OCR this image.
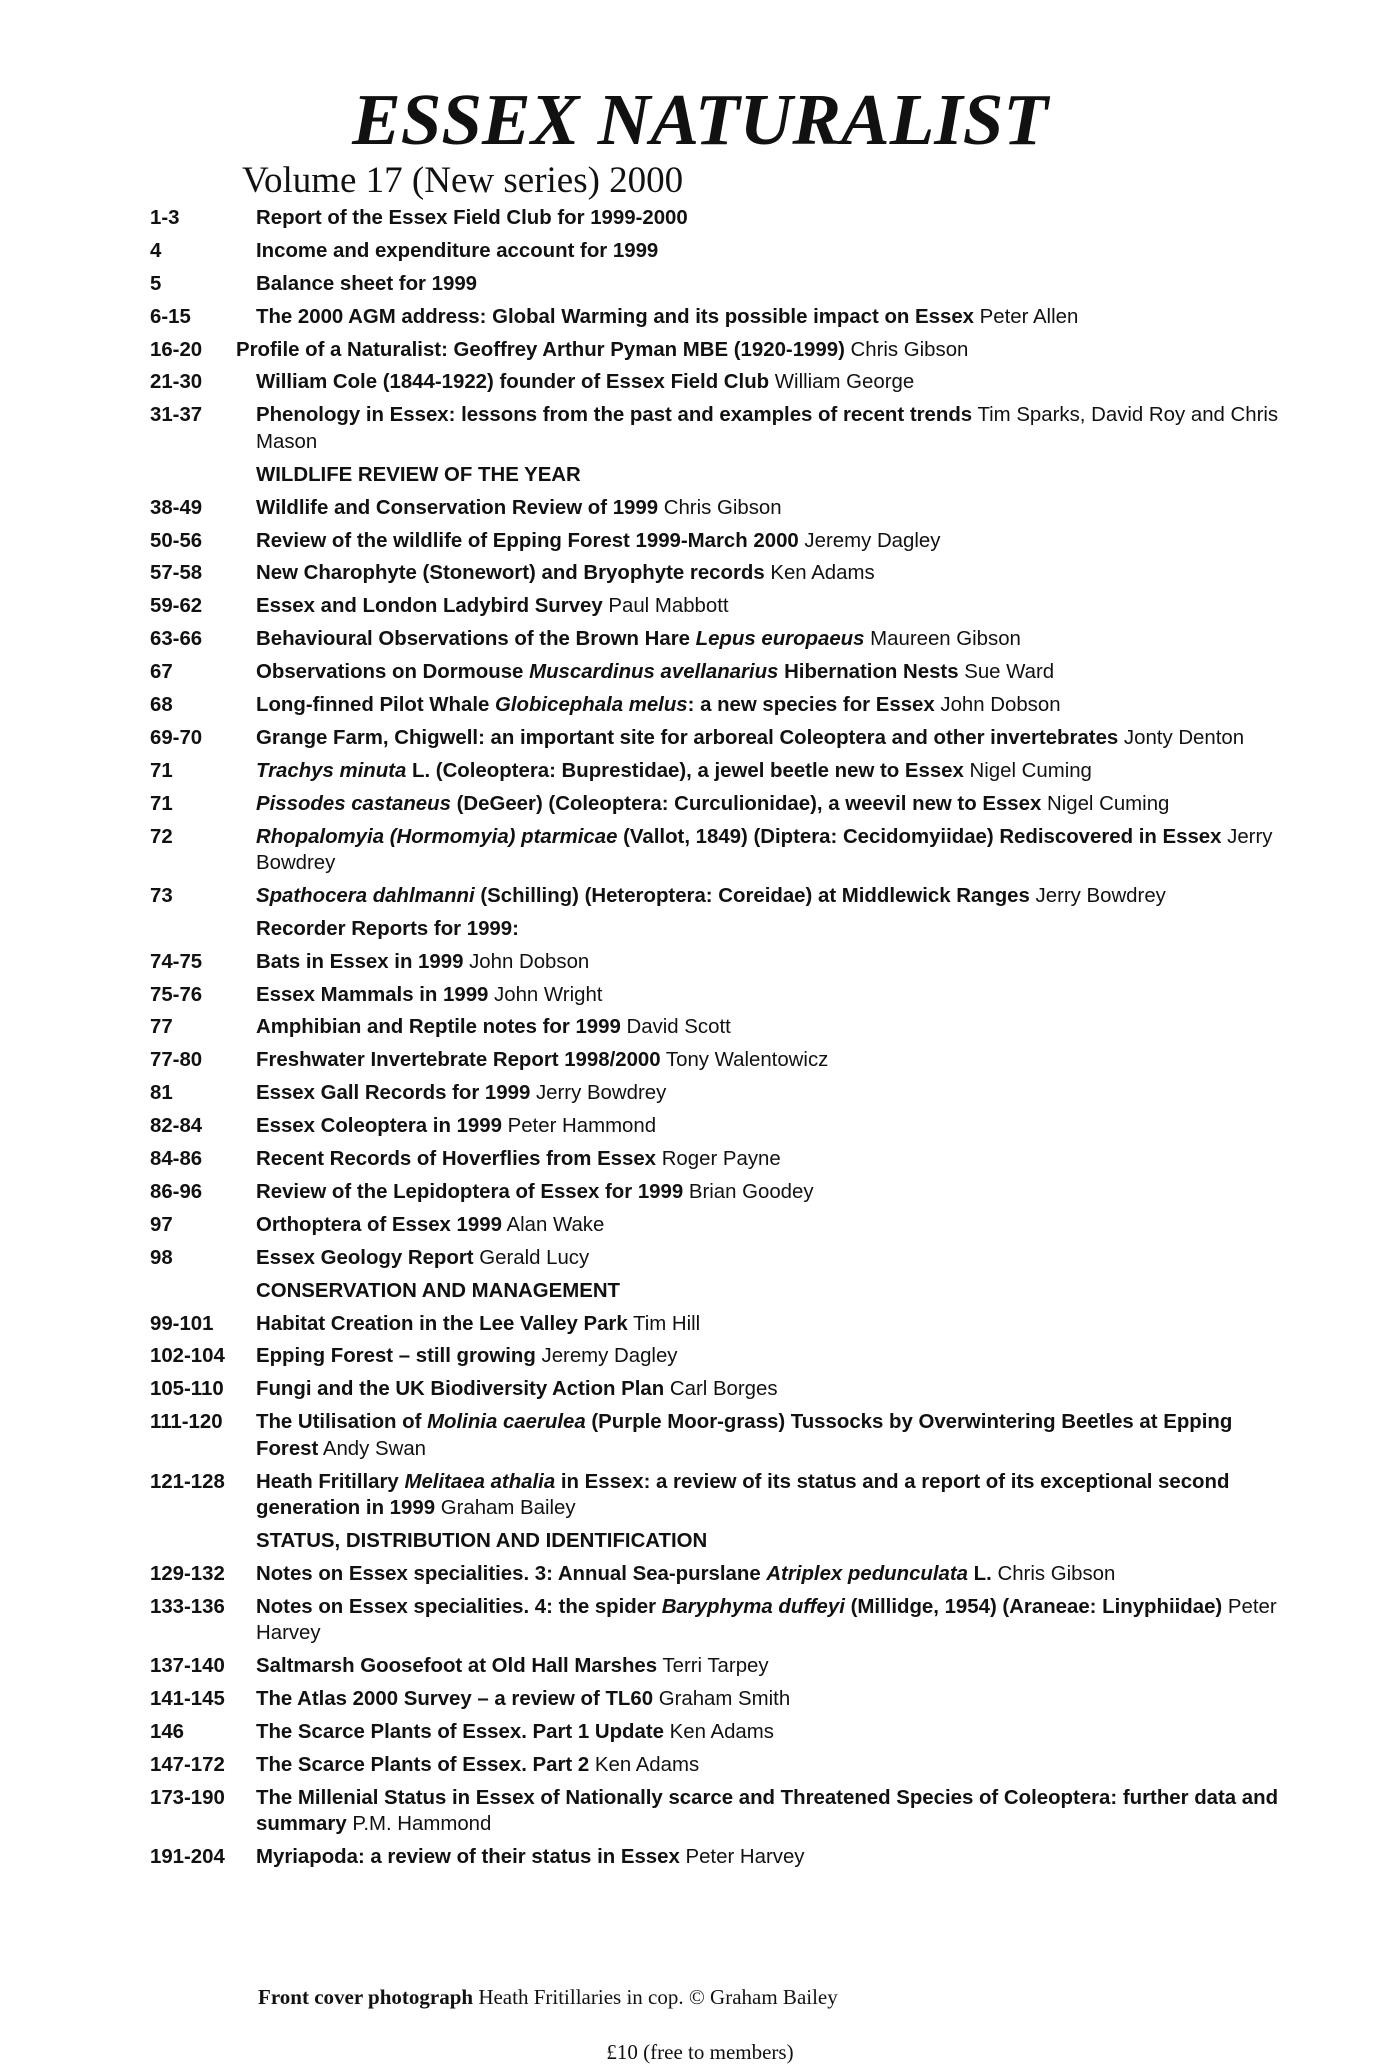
ESSEX NATURALIST
Volume 17 (New series) 2000
1-3	Report of the Essex Field Club for 1999-2000
4	Income and expenditure account for 1999
5	Balance sheet for 1999
6-15	The 2000 AGM address: Global Warming and its possible impact on Essex Peter Allen
16-20	Profile of a Naturalist: Geoffrey Arthur Pyman MBE (1920-1999) Chris Gibson
21-30	William Cole (1844-1922) founder of Essex Field Club William George
31-37	Phenology in Essex: lessons from the past and examples of recent trends Tim Sparks, David Roy and Chris Mason
WILDLIFE REVIEW OF THE YEAR
38-49	Wildlife and Conservation Review of 1999 Chris Gibson
50-56	Review of the wildlife of Epping Forest 1999-March 2000 Jeremy Dagley
57-58	New Charophyte (Stonewort) and Bryophyte records Ken Adams
59-62	Essex and London Ladybird Survey Paul Mabbott
63-66	Behavioural Observations of the Brown Hare Lepus europaeus Maureen Gibson
67	Observations on Dormouse Muscardinus avellanarius Hibernation Nests Sue Ward
68	Long-finned Pilot Whale Globicephala melus: a new species for Essex John Dobson
69-70	Grange Farm, Chigwell: an important site for arboreal Coleoptera and other invertebrates Jonty Denton
71	Trachys minuta L. (Coleoptera: Buprestidae), a jewel beetle new to Essex Nigel Cuming
71	Pissodes castaneus (DeGeer) (Coleoptera: Curculionidae), a weevil new to Essex Nigel Cuming
72	Rhopalomyia (Hormomyia) ptarmicae (Vallot, 1849) (Diptera: Cecidomyiidae) Rediscovered in Essex Jerry Bowdrey
73	Spathocera dahlmanni (Schilling) (Heteroptera: Coreidae) at Middlewick Ranges Jerry Bowdrey
Recorder Reports for 1999:
74-75	Bats in Essex in 1999 John Dobson
75-76	Essex Mammals in 1999 John Wright
77	Amphibian and Reptile notes for 1999 David Scott
77-80	Freshwater Invertebrate Report 1998/2000 Tony Walentowicz
81	Essex Gall Records for 1999 Jerry Bowdrey
82-84	Essex Coleoptera in 1999 Peter Hammond
84-86	Recent Records of Hoverflies from Essex Roger Payne
86-96	Review of the Lepidoptera of Essex for 1999 Brian Goodey
97	Orthoptera of Essex 1999 Alan Wake
98	Essex Geology Report Gerald Lucy
CONSERVATION AND MANAGEMENT
99-101	Habitat Creation in the Lee Valley Park Tim Hill
102-104	Epping Forest – still growing Jeremy Dagley
105-110	Fungi and the UK Biodiversity Action Plan Carl Borges
111-120	The Utilisation of Molinia caerulea (Purple Moor-grass) Tussocks by Overwintering Beetles at Epping Forest Andy Swan
121-128	Heath Fritillary Melitaea athalia in Essex: a review of its status and a report of its exceptional second generation in 1999 Graham Bailey
STATUS, DISTRIBUTION AND IDENTIFICATION
129-132	Notes on Essex specialities. 3: Annual Sea-purslane Atriplex pedunculata L. Chris Gibson
133-136	Notes on Essex specialities. 4: the spider Baryphyma duffeyi (Millidge, 1954) (Araneae: Linyphiidae) Peter Harvey
137-140	Saltmarsh Goosefoot at Old Hall Marshes Terri Tarpey
141-145	The Atlas 2000 Survey – a review of TL60 Graham Smith
146	The Scarce Plants of Essex. Part 1 Update Ken Adams
147-172	The Scarce Plants of Essex. Part 2 Ken Adams
173-190	The Millenial Status in Essex of Nationally scarce and Threatened Species of Coleoptera: further data and summary P.M. Hammond
191-204	Myriapoda: a review of their status in Essex Peter Harvey
Front cover photograph Heath Fritillaries in cop. © Graham Bailey
£10 (free to members)
